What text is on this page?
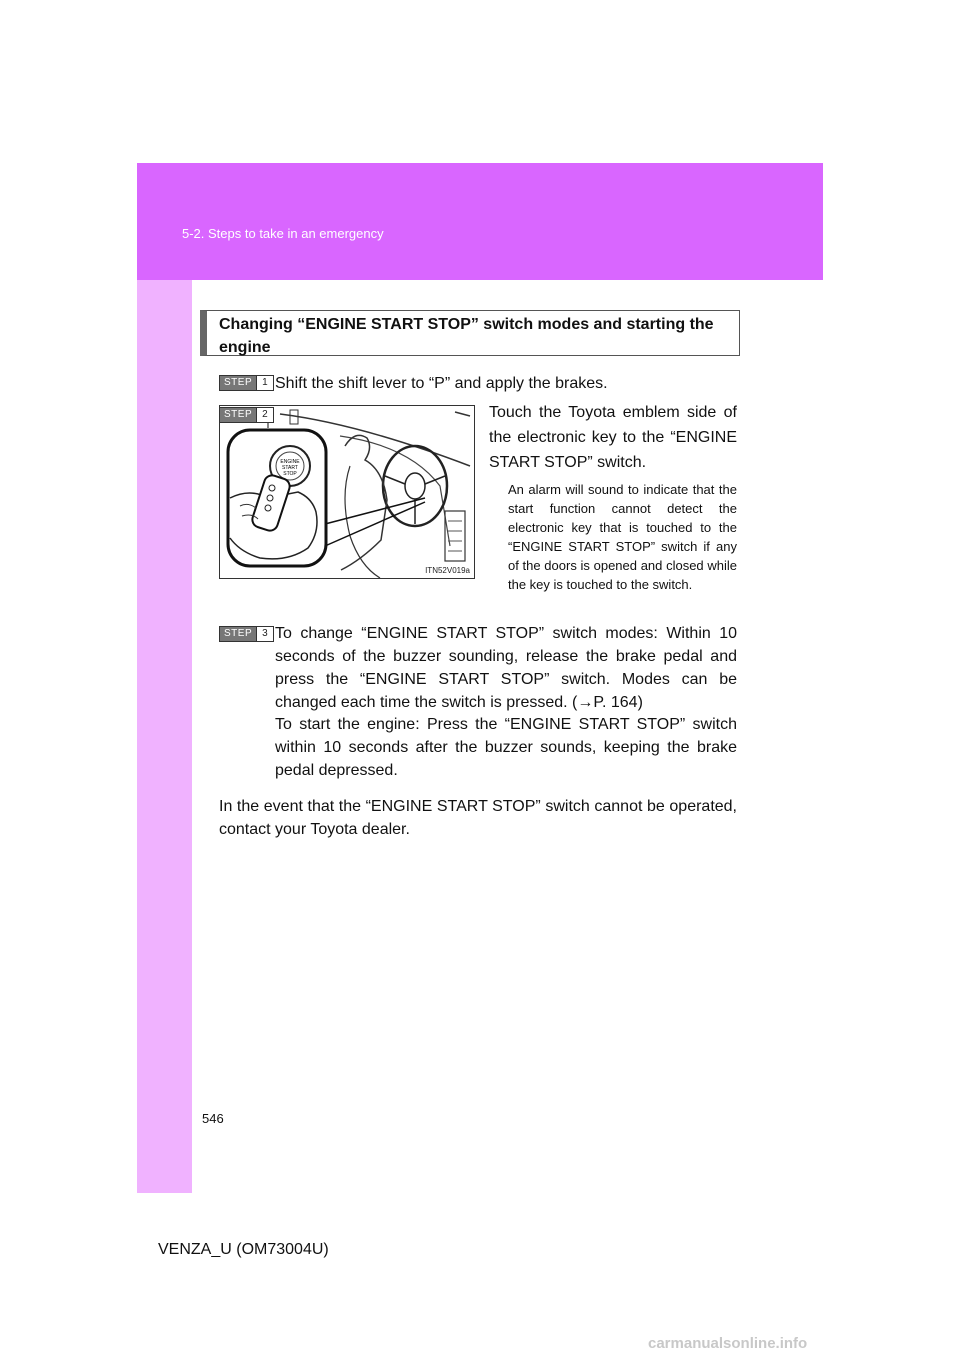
5-2. Steps to take in an emergency
Changing “ENGINE START STOP” switch modes and starting the engine
STEP	1 Shift the shift lever to “P” and apply the brakes.
STEP	2
ENGINE
START
STOP
ITN52V019a
Touch the Toyota emblem side of the electronic key to the “ENGINE START STOP” switch.
An alarm will sound to indicate that the start function cannot detect the electronic key that is touched to the “ENGINE START STOP” switch if any of the doors is opened and closed while the key is touched to the switch.
STEP	3 To change “ENGINE START STOP” switch modes: Within 10 seconds of the buzzer sounding, release the brake pedal and press the “ENGINE START STOP” switch. Modes can be changed each time the switch is pressed. (→P. 164)
To start the engine: Press the “ENGINE START STOP” switch within 10 seconds after the buzzer sounds, keeping the brake pedal depressed.
In the event that the “ENGINE START STOP” switch cannot be operated, contact your Toyota dealer.
546
VENZA_U (OM73004U)
carmanualsonline.info
